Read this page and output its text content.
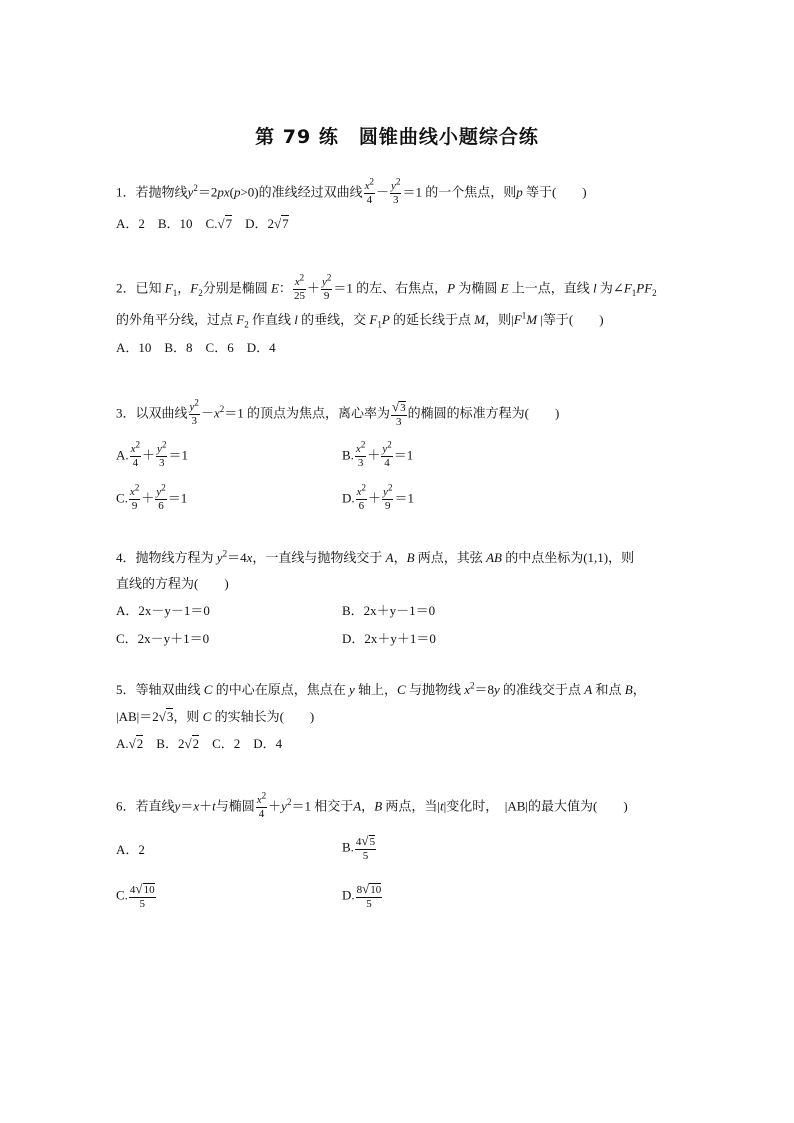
第 79 练　圆锥曲线小题综合练
1．若抛物线$y^2=2px(p>0)$的准线经过双曲线 $\frac{x^2}{4} - \frac{y^2}{3} =1$ 的一个焦点，则p 等于(　　)
A．2　B．10　C.√7　 D．2√7
2．已知 $F_1$，$F_2$分别是椭圆 E： $\frac{x^2}{25} + \frac{y^2}{9} =1$ 的左、右焦点，P 为椭圆 E 上一点，直线 l 为$\angle F_1PF_2$
的外角平分线，过点 $F_2$ 作直线 l 的垂线，交 $F_1P$ 的延长线于点 M，则$|F^1M$ |等于(　　)
A．10　B．8　C．6　D．4
3．以双曲线 $\frac{y^2}{3} -x^2=1$ 的顶点为焦点，离心率为 $\frac{√3}{3}$ 的椭圆的标准方程为(　　)
A. $\frac{x^2}{4} + \frac{y^2}{3} =1$	B. $\frac{x^2}{3} + \frac{y^2}{4} =1$
C. $\frac{x^2}{9} + \frac{y^2}{6} =1$	D. $\frac{x^2}{6} + \frac{y^2}{9} =1$
4．抛物线方程为 $y^2=4x$，一直线与抛物线交于 A，B 两点，其弦 AB 的中点坐标为(1,1)，则
直线的方程为(　　)
A．2x－y－1＝0	B．2x＋y－1＝0
C．2x－y＋1＝0	D．2x＋y＋1＝0
5．等轴双曲线 C 的中心在原点，焦点在 y 轴上，C 与抛物线 $x^2=8y$ 的准线交于点 A 和点 B，
|AB|＝2√3，则 C 的实轴长为(　　)
A.√2　 B．2√2　 C．2　D．4
6．若直线y＝x＋t与椭圆 $\frac{x^2}{4} +y^2=1$ 相交于A，B 两点，当|t|变化时，　|AB|的最大值为(　　)
A．2	B. $\frac{4√5}{5}$
C. $\frac{4√10}{5}$	D. $\frac{8√10}{5}$
